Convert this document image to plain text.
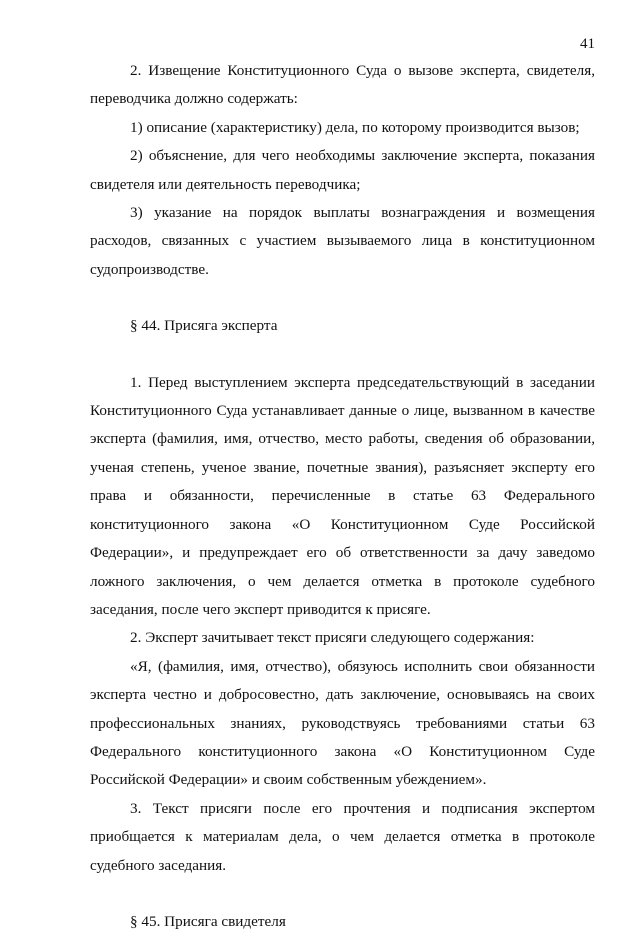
41

2. Извещение Конституционного Суда о вызове эксперта, свидетеля, переводчика должно содержать:

1) описание (характеристику) дела, по которому производится вызов;

2) объяснение, для чего необходимы заключение эксперта, показания свидетеля или деятельность переводчика;

3) указание на порядок выплаты вознаграждения и возмещения расходов, связанных с участием вызываемого лица в конституционном судопроизводстве.

§ 44. Присяга эксперта

1. Перед выступлением эксперта председательствующий в заседании Конституционного Суда устанавливает данные о лице, вызванном в качестве эксперта (фамилия, имя, отчество, место работы, сведения об образовании, ученая степень, ученое звание, почетные звания), разъясняет эксперту его права и обязанности, перечисленные в статье 63 Федерального конституционного закона «О Конституционном Суде Российской Федерации», и предупреждает его об ответственности за дачу заведомо ложного заключения, о чем делается отметка в протоколе судебного заседания, после чего эксперт приводится к присяге.

2. Эксперт зачитывает текст присяги следующего содержания:

«Я, (фамилия, имя, отчество), обязуюсь исполнить свои обязанности эксперта честно и добросовестно, дать заключение, основываясь на своих профессиональных знаниях, руководствуясь требованиями статьи 63 Федерального конституционного закона «О Конституционном Суде Российской Федерации» и своим собственным убеждением».

3. Текст присяги после его прочтения и подписания экспертом приобщается к материалам дела, о чем делается отметка в протоколе судебного заседания.

§ 45. Присяга свидетеля
